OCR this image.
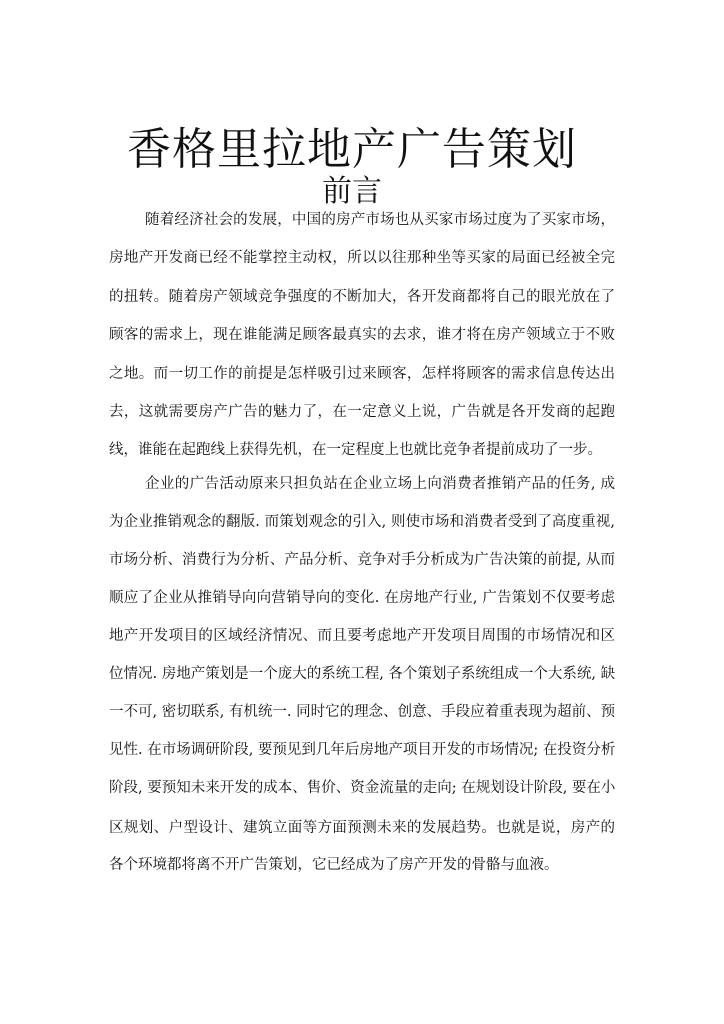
香格里拉地产广告策划
前言
随着经济社会的发展，中国的房产市场也从买家市场过度为了买家市场，
房地产开发商已经不能掌控主动权，所以以往那种坐等买家的局面已经被全完
的扭转。随着房产领域竞争强度的不断加大，各开发商都将自己的眼光放在了
顾客的需求上，现在谁能满足顾客最真实的去求，谁才将在房产领域立于不败
之地。而一切工作的前提是怎样吸引过来顾客，怎样将顾客的需求信息传达出
去，这就需要房产广告的魅力了，在一定意义上说，广告就是各开发商的起跑
线，谁能在起跑线上获得先机，在一定程度上也就比竞争者提前成功了一步。
企业的广告活动原来只担负站在企业立场上向消费者推销产品的任务, 成
为企业推销观念的翻版. 而策划观念的引入, 则使市场和消费者受到了高度重视,
市场分析、消费行为分析、产品分析、竞争对手分析成为广告决策的前提, 从而
顺应了企业从推销导向向营销导向的变化. 在房地产行业, 广告策划不仅要考虑
地产开发项目的区域经济情况、而且要考虑地产开发项目周围的市场情况和区
位情况. 房地产策划是一个庞大的系统工程, 各个策划子系统组成一个大系统, 缺
一不可, 密切联系, 有机统一. 同时它的理念、创意、手段应着重表现为超前、预
见性. 在市场调研阶段, 要预见到几年后房地产项目开发的市场情况; 在投资分析
阶段, 要预知未来开发的成本、售价、资金流量的走向; 在规划设计阶段, 要在小
区规划、户型设计、建筑立面等方面预测未来的发展趋势。也就是说，房产的
各个环境都将离不开广告策划，它已经成为了房产开发的骨骼与血液。
